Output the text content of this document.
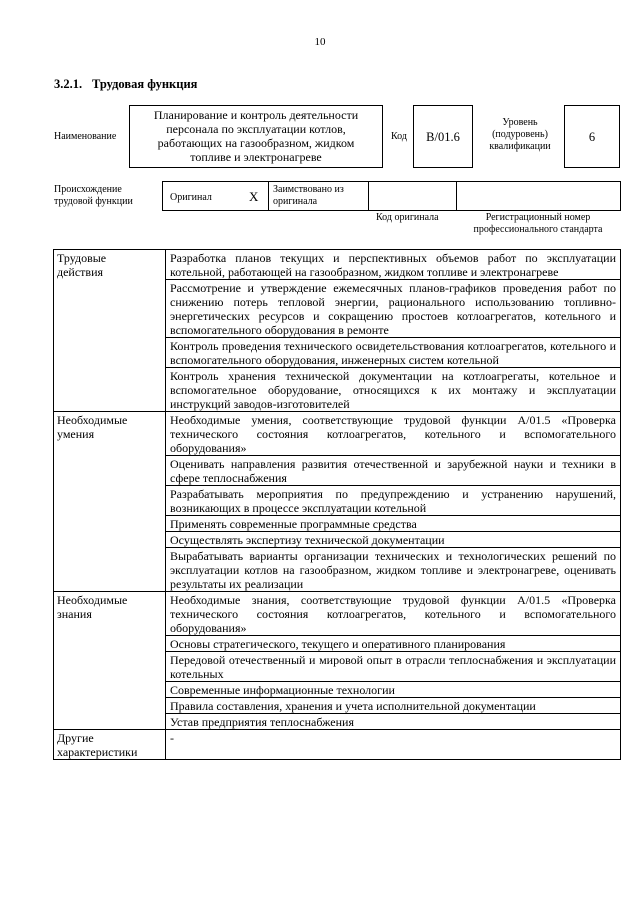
10
3.2.1. Трудовая функция
Наименование
Планирование и контроль деятельности
персонала по эксплуатации котлов,
работающих на газообразном, жидком
топливе и электронагреве
Код	B/01.6
Уровень
(подуровень)
квалификации
6
Происхождение
трудовой функции	Оригинал	X Заимствовано из
оригинала
Код оригинала	Регистрационный номер
профессионального стандарта
Трудовые
действия	Разработка планов текущих и перспективных объемов работ по эксплуатации котельной, работающей на газообразном, жидком топливе и электронагреве
	Рассмотрение и утверждение ежемесячных планов-графиков проведения работ по снижению потерь тепловой энергии, рационального использованию топливно-энергетических ресурсов и сокращению простоев котлоагрегатов, котельного и вспомогательного оборудования в ремонте
	Контроль проведения технического освидетельствования котлоагрегатов, котельного и вспомогательного оборудования, инженерных систем котельной
	Контроль хранения технической документации на котлоагрегаты, котельное и вспомогательное оборудование, относящихся к их монтажу и эксплуатации инструкций заводов-изготовителей

Необходимые
умения	Необходимые умения, соответствующие трудовой функции А/01.5 «Проверка технического состояния котлоагрегатов, котельного и вспомогательного оборудования»
	Оценивать направления развития отечественной и зарубежной науки и техники в сфере теплоснабжения
	Разрабатывать мероприятия по предупреждению и устранению нарушений, возникающих в процессе эксплуатации котельной
	Применять современные программные средства
	Осуществлять экспертизу технической документации
	Вырабатывать варианты организации технических и технологических решений по эксплуатации котлов на газообразном, жидком топливе и электронагреве, оценивать результаты их реализации

Необходимые
знания	Необходимые знания, соответствующие трудовой функции А/01.5 «Проверка технического состояния котлоагрегатов, котельного и вспомогательного оборудования»
	Основы стратегического, текущего и оперативного планирования
	Передовой отечественный и мировой опыт в отрасли теплоснабжения и эксплуатации котельных
	Современные информационные технологии
	Правила составления, хранения и учета исполнительной документации
	Устав предприятия теплоснабжения

Другие
характеристики	-
